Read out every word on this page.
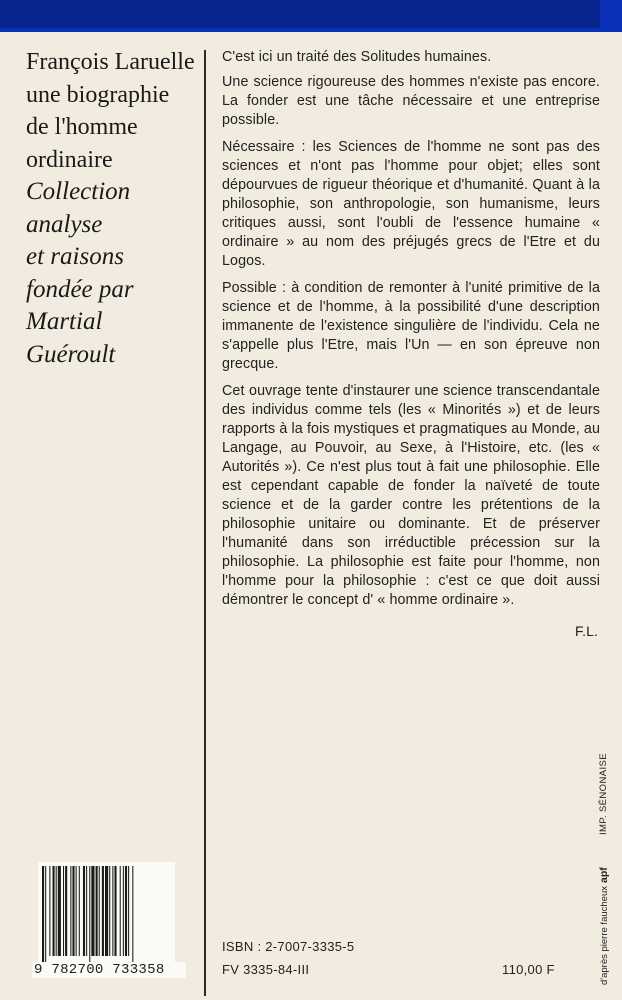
François Laruelle
une biographie
de l'homme
ordinaire
Collection
analyse
et raisons
fondée par
Martial
Guéroult

C'est ici un traité des Solitudes humaines.

Une science rigoureuse des hommes n'existe pas encore. La fonder est une tâche nécessaire et une entreprise possible.

Nécessaire : les Sciences de l'homme ne sont pas des sciences et n'ont pas l'homme pour objet; elles sont dépourvues de rigueur théorique et d'humanité. Quant à la philosophie, son anthropologie, son humanisme, leurs critiques aussi, sont l'oubli de l'essence humaine « ordinaire » au nom des préjugés grecs de l'Etre et du Logos.

Possible : à condition de remonter à l'unité primitive de la science et de l'homme, à la possibilité d'une description immanente de l'existence singulière de l'individu. Cela ne s'appelle plus l'Etre, mais l'Un — en son épreuve non grecque.

Cet ouvrage tente d'instaurer une science transcendantale des individus comme tels (les « Minorités ») et de leurs rapports à la fois mystiques et pragmatiques au Monde, au Langage, au Pouvoir, au Sexe, à l'Histoire, etc. (les « Autorités »). Ce n'est plus tout à fait une philosophie. Elle est cependant capable de fonder la naïveté de toute science et de la garder contre les prétentions de la philosophie unitaire ou dominante. Et de préserver l'humanité dans son irréductible précession sur la philosophie. La philosophie est faite pour l'homme, non l'homme pour la philosophie : c'est ce que doit aussi démontrer le concept d' « homme ordinaire ».

F.L.
IMP. SÉNONAISE
d'après pierre faucheuxapf
9 782700 733358
ISBN : 2-7007-3335-5
FV 3335-84-III	110,00 F
